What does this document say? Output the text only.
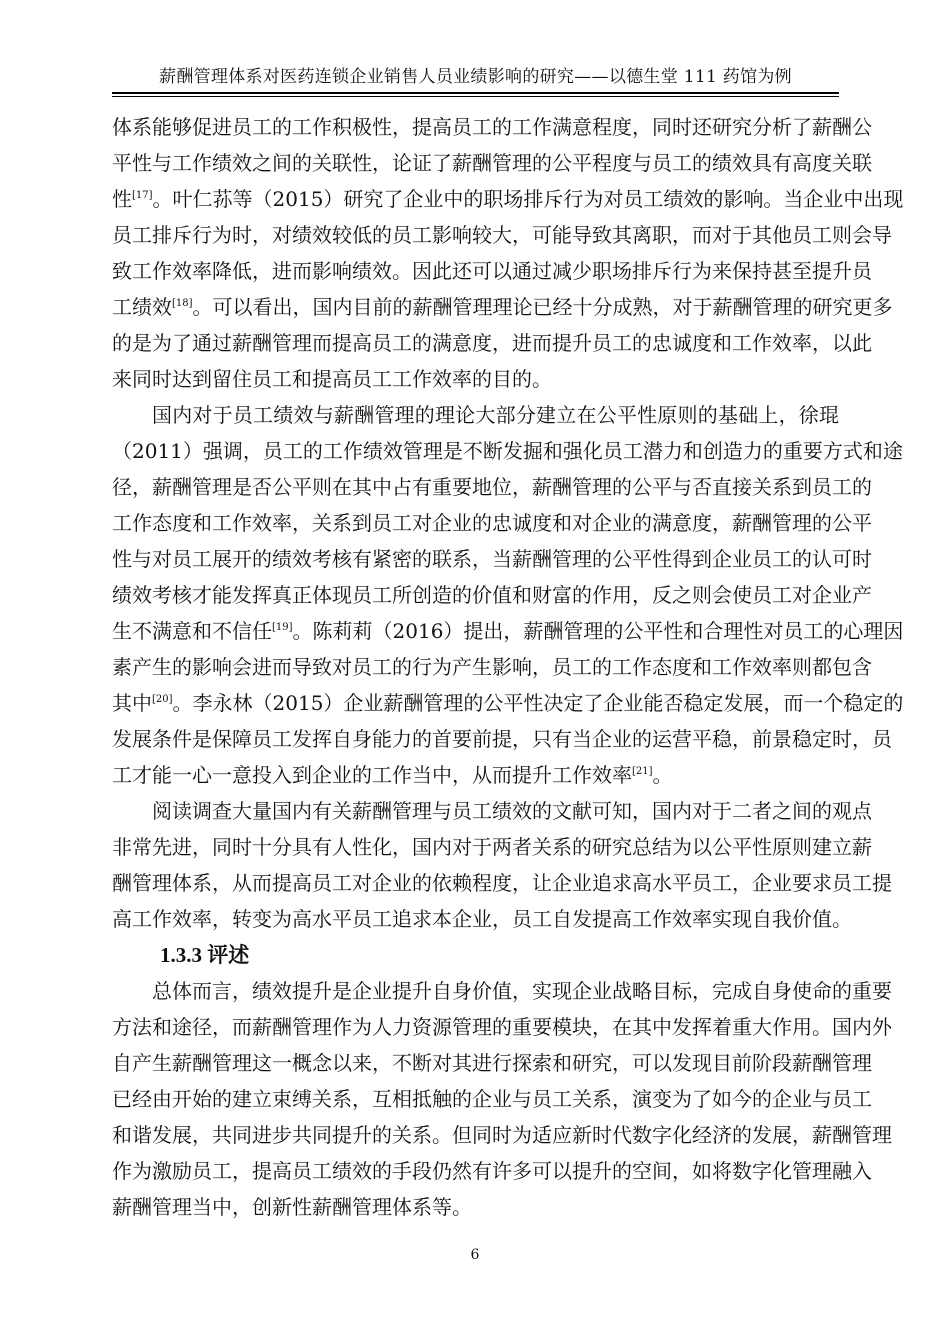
薪酬管理体系对医药连锁企业销售人员业绩影响的研究——以德生堂 111 药馆为例
体系能够促进员工的工作积极性，提高员工的工作满意程度，同时还研究分析了薪酬公
平性与工作绩效之间的关联性，论证了薪酬管理的公平程度与员工的绩效具有高度关联
性[17]。叶仁荪等（2015）研究了企业中的职场排斥行为对员工绩效的影响。当企业中出现
员工排斥行为时，对绩效较低的员工影响较大，可能导致其离职，而对于其他员工则会导
致工作效率降低，进而影响绩效。因此还可以通过减少职场排斥行为来保持甚至提升员
工绩效[18]。可以看出，国内目前的薪酬管理理论已经十分成熟，对于薪酬管理的研究更多
的是为了通过薪酬管理而提高员工的满意度，进而提升员工的忠诚度和工作效率，以此
来同时达到留住员工和提高员工工作效率的目的。
国内对于员工绩效与薪酬管理的理论大部分建立在公平性原则的基础上，徐琨
（2011）强调，员工的工作绩效管理是不断发掘和强化员工潜力和创造力的重要方式和途
径，薪酬管理是否公平则在其中占有重要地位，薪酬管理的公平与否直接关系到员工的
工作态度和工作效率，关系到员工对企业的忠诚度和对企业的满意度，薪酬管理的公平
性与对员工展开的绩效考核有紧密的联系，当薪酬管理的公平性得到企业员工的认可时
绩效考核才能发挥真正体现员工所创造的价值和财富的作用，反之则会使员工对企业产
生不满意和不信任[19]。陈莉莉（2016）提出，薪酬管理的公平性和合理性对员工的心理因
素产生的影响会进而导致对员工的行为产生影响，员工的工作态度和工作效率则都包含
其中[20]。李永林（2015）企业薪酬管理的公平性决定了企业能否稳定发展，而一个稳定的
发展条件是保障员工发挥自身能力的首要前提，只有当企业的运营平稳，前景稳定时，员
工才能一心一意投入到企业的工作当中，从而提升工作效率[21]。
阅读调查大量国内有关薪酬管理与员工绩效的文献可知，国内对于二者之间的观点
非常先进，同时十分具有人性化，国内对于两者关系的研究总结为以公平性原则建立薪
酬管理体系，从而提高员工对企业的依赖程度，让企业追求高水平员工，企业要求员工提
高工作效率，转变为高水平员工追求本企业，员工自发提高工作效率实现自我价值。
1.3.3 评述
总体而言，绩效提升是企业提升自身价值，实现企业战略目标，完成自身使命的重要
方法和途径，而薪酬管理作为人力资源管理的重要模块，在其中发挥着重大作用。国内外
自产生薪酬管理这一概念以来，不断对其进行探索和研究，可以发现目前阶段薪酬管理
已经由开始的建立束缚关系，互相抵触的企业与员工关系，演变为了如今的企业与员工
和谐发展，共同进步共同提升的关系。但同时为适应新时代数字化经济的发展，薪酬管理
作为激励员工，提高员工绩效的手段仍然有许多可以提升的空间，如将数字化管理融入
薪酬管理当中，创新性薪酬管理体系等。
6
